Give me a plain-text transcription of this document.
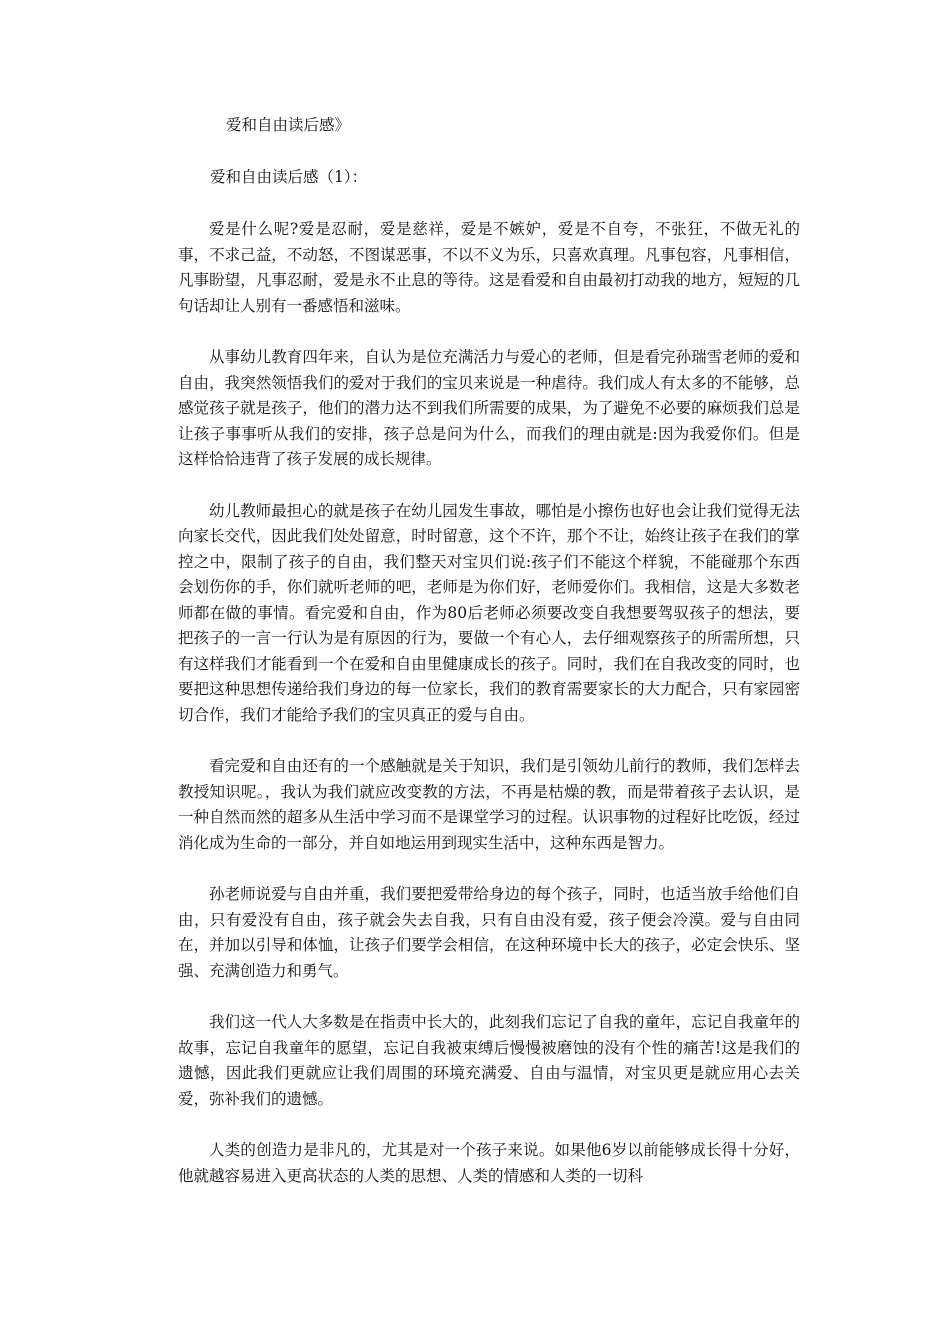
爱和自由读后感》

爱和自由读后感（1）：

爱是什么呢?爱是忍耐，爱是慈祥，爱是不嫉妒，爱是不自夸，不张狂，不做无礼的事，不求己益，不动怒，不图谋恶事，不以不义为乐，只喜欢真理。凡事包容，凡事相信，凡事盼望，凡事忍耐，爱是永不止息的等待。这是看爱和自由最初打动我的地方，短短的几句话却让人别有一番感悟和滋味。

从事幼儿教育四年来，自认为是位充满活力与爱心的老师，但是看完孙瑞雪老师的爱和自由，我突然领悟我们的爱对于我们的宝贝来说是一种虐待。我们成人有太多的不能够，总感觉孩子就是孩子，他们的潜力达不到我们所需要的成果，为了避免不必要的麻烦我们总是让孩子事事听从我们的安排，孩子总是问为什么，而我们的理由就是:因为我爱你们。但是这样恰恰违背了孩子发展的成长规律。

幼儿教师最担心的就是孩子在幼儿园发生事故，哪怕是小擦伤也好也会让我们觉得无法向家长交代，因此我们处处留意，时时留意，这个不许，那个不让，始终让孩子在我们的掌控之中，限制了孩子的自由，我们整天对宝贝们说:孩子们不能这个样貌，不能碰那个东西会划伤你的手，你们就听老师的吧，老师是为你们好，老师爱你们。我相信，这是大多数老师都在做的事情。看完爱和自由，作为80后老师必须要改变自我想要驾驭孩子的想法，要把孩子的一言一行认为是有原因的行为，要做一个有心人，去仔细观察孩子的所需所想，只有这样我们才能看到一个在爱和自由里健康成长的孩子。同时，我们在自我改变的同时，也要把这种思想传递给我们身边的每一位家长，我们的教育需要家长的大力配合，只有家园密切合作，我们才能给予我们的宝贝真正的爱与自由。

看完爱和自由还有的一个感触就是关于知识，我们是引领幼儿前行的教师，我们怎样去教授知识呢。，我认为我们就应改变教的方法，不再是枯燥的教，而是带着孩子去认识，是一种自然而然的超多从生活中学习而不是课堂学习的过程。认识事物的过程好比吃饭，经过消化成为生命的一部分，并自如地运用到现实生活中，这种东西是智力。

孙老师说爱与自由并重，我们要把爱带给身边的每个孩子，同时，也适当放手给他们自由，只有爱没有自由，孩子就会失去自我，只有自由没有爱，孩子便会冷漠。爱与自由同在，并加以引导和体恤，让孩子们要学会相信，在这种环境中长大的孩子，必定会快乐、坚强、充满创造力和勇气。

我们这一代人大多数是在指责中长大的，此刻我们忘记了自我的童年，忘记自我童年的故事，忘记自我童年的愿望，忘记自我被束缚后慢慢被磨蚀的没有个性的痛苦!这是我们的遗憾，因此我们更就应让我们周围的环境充满爱、自由与温情，对宝贝更是就应用心去关爱，弥补我们的遗憾。

人类的创造力是非凡的，尤其是对一个孩子来说。如果他6岁以前能够成长得十分好，他就越容易进入更高状态的人类的思想、人类的情感和人类的一切科
